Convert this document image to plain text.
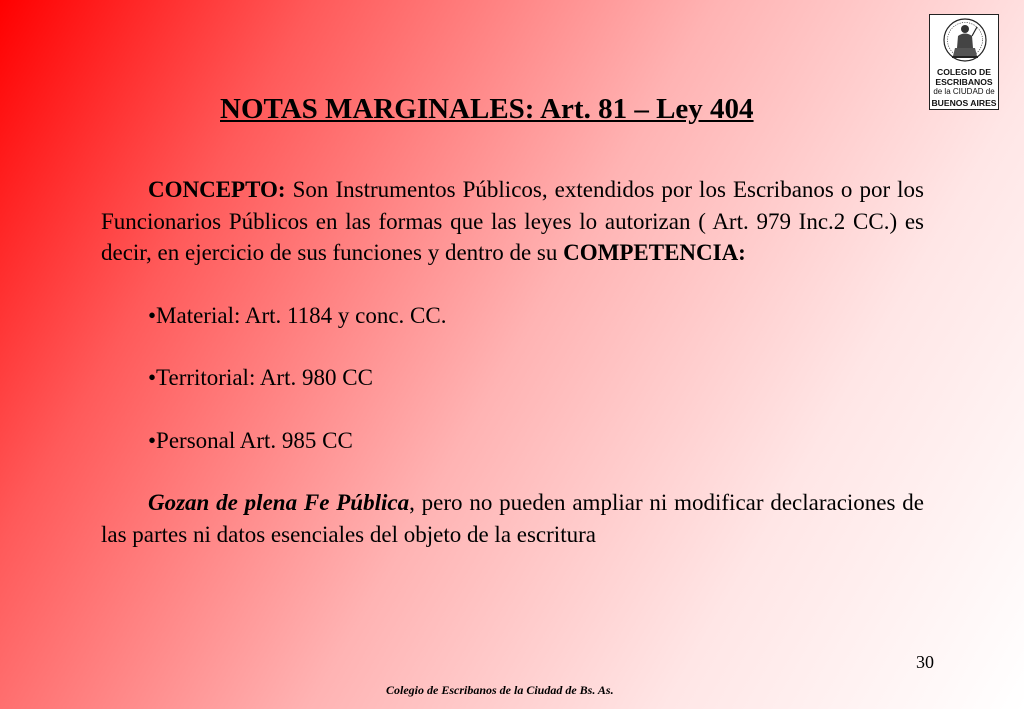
COLEGIO DE
ESCRIBANOS
de la CIUDAD de
BUENOS AIRES
NOTAS MARGINALES: Art. 81 – Ley 404

CONCEPTO: Son Instrumentos Públicos, extendidos por los Escribanos o por los Funcionarios Públicos en las formas que las leyes lo autorizan ( Art. 979 Inc.2 CC.) es decir, en ejercicio de sus funciones y dentro de su COMPETENCIA:

•Material: Art. 1184 y conc. CC.

•Territorial: Art. 980 CC

•Personal Art. 985 CC

Gozan de plena Fe Pública, pero no pueden ampliar ni modificar declaraciones de las partes ni datos esenciales del objeto de la escritura

30
Colegio de Escribanos de la Ciudad de Bs. As.
